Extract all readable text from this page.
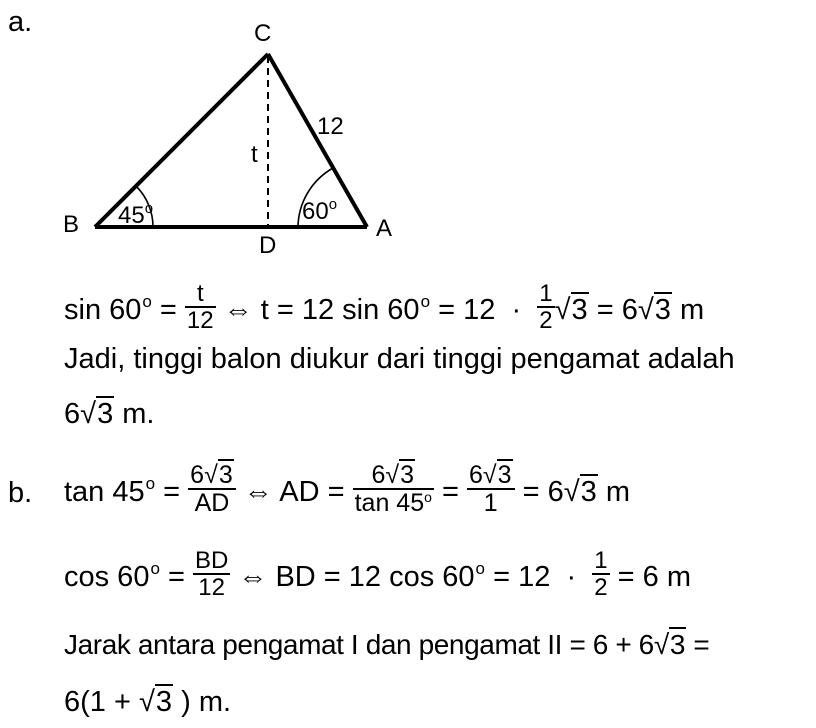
a.	C
B	A
D
t
12
45$^o$	60$^o$
$\sin 60^o = \frac{t}{12}$ ⇔ t = 12 $\sin 60^o = 12 \cdot \frac{1}{2} √3 = 6√3$ m
Jadi, tinggi balon diukur dari tinggi pengamat adalah
6√3 m.
b. $\tan 45^o = \frac{6√3}{AD}$ ⇔ AD = $\frac{6√3}{\tan 45^o} = \frac{6√3}{1} = 6√3$ m
$\cos 60^o = \frac{BD}{12}$ ⇔ BD = 12 $\cos 60^o = 12 \cdot \frac{1}{2} = 6$ m
Jarak antara pengamat I dan pengamat II = 6 + 6√3 =
6(1 + √3 ) m.
